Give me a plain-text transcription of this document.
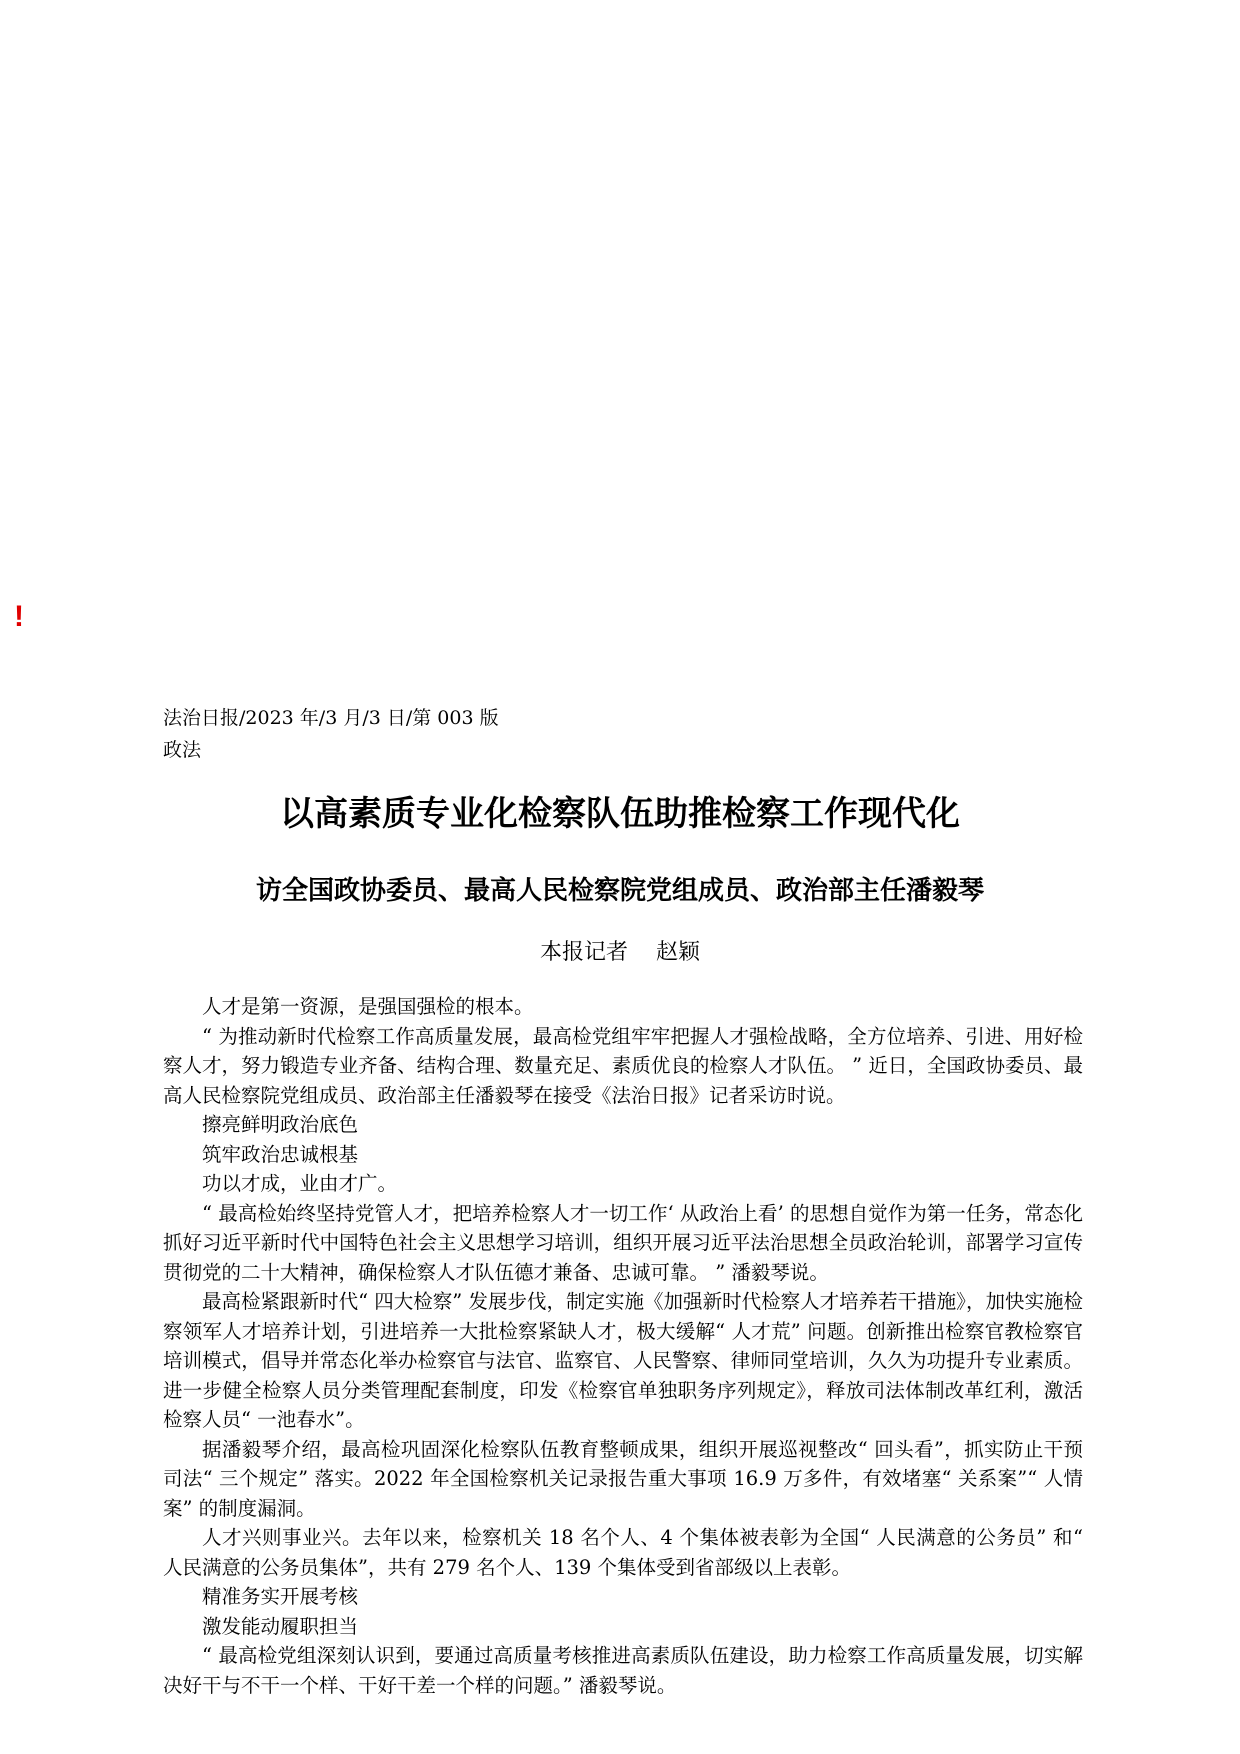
!
法治日报/2023 年/3 月/3 日/第 003 版政法
以高素质专业化检察队伍助推检察工作现代化
访全国政协委员、最高人民检察院党组成员、政治部主任潘毅琴
本报记者    赵颖

人才是第一资源，是强国强检的根本。

“ 为推动新时代检察工作高质量发展，最高检党组牢牢把握人才强检战略，全方位培养、引进、用好检察人才，努力锻造专业齐备、结构合理、数量充足、素质优良的检察人才队伍。 ” 近日，全国政协委员、最高人民检察院党组成员、政治部主任潘毅琴在接受《法治日报》记者采访时说。

擦亮鲜明政治底色

筑牢政治忠诚根基

功以才成，业由才广。

“ 最高检始终坚持党管人才，把培养检察人才一切工作‘ 从政治上看’ 的思想自觉作为第一任务，常态化抓好习近平新时代中国特色社会主义思想学习培训，组织开展习近平法治思想全员政治轮训，部署学习宣传贯彻党的二十大精神，确保检察人才队伍德才兼备、忠诚可靠。 ” 潘毅琴说。

最高检紧跟新时代“ 四大检察” 发展步伐，制定实施《加强新时代检察人才培养若干措施》，加快实施检察领军人才培养计划，引进培养一大批检察紧缺人才，极大缓解“ 人才荒” 问题。创新推出检察官教检察官培训模式，倡导并常态化举办检察官与法官、监察官、人民警察、律师同堂培训，久久为功提升专业素质。进一步健全检察人员分类管理配套制度，印发《检察官单独职务序列规定》，释放司法体制改革红利，激活检察人员“ 一池春水”。

据潘毅琴介绍，最高检巩固深化检察队伍教育整顿成果，组织开展巡视整改“ 回头看”，抓实防止干预司法“ 三个规定” 落实。2022 年全国检察机关记录报告重大事项 16.9 万多件，有效堵塞“ 关系案”“ 人情案” 的制度漏洞。

人才兴则事业兴。去年以来，检察机关 18 名个人、4 个集体被表彰为全国“ 人民满意的公务员” 和“ 人民满意的公务员集体”，共有 279 名个人、139 个集体受到省部级以上表彰。

精准务实开展考核

激发能动履职担当

“ 最高检党组深刻认识到，要通过高质量考核推进高素质队伍建设，助力检察工作高质量发展，切实解决好干与不干一个样、干好干差一个样的问题。” 潘毅琴说。
